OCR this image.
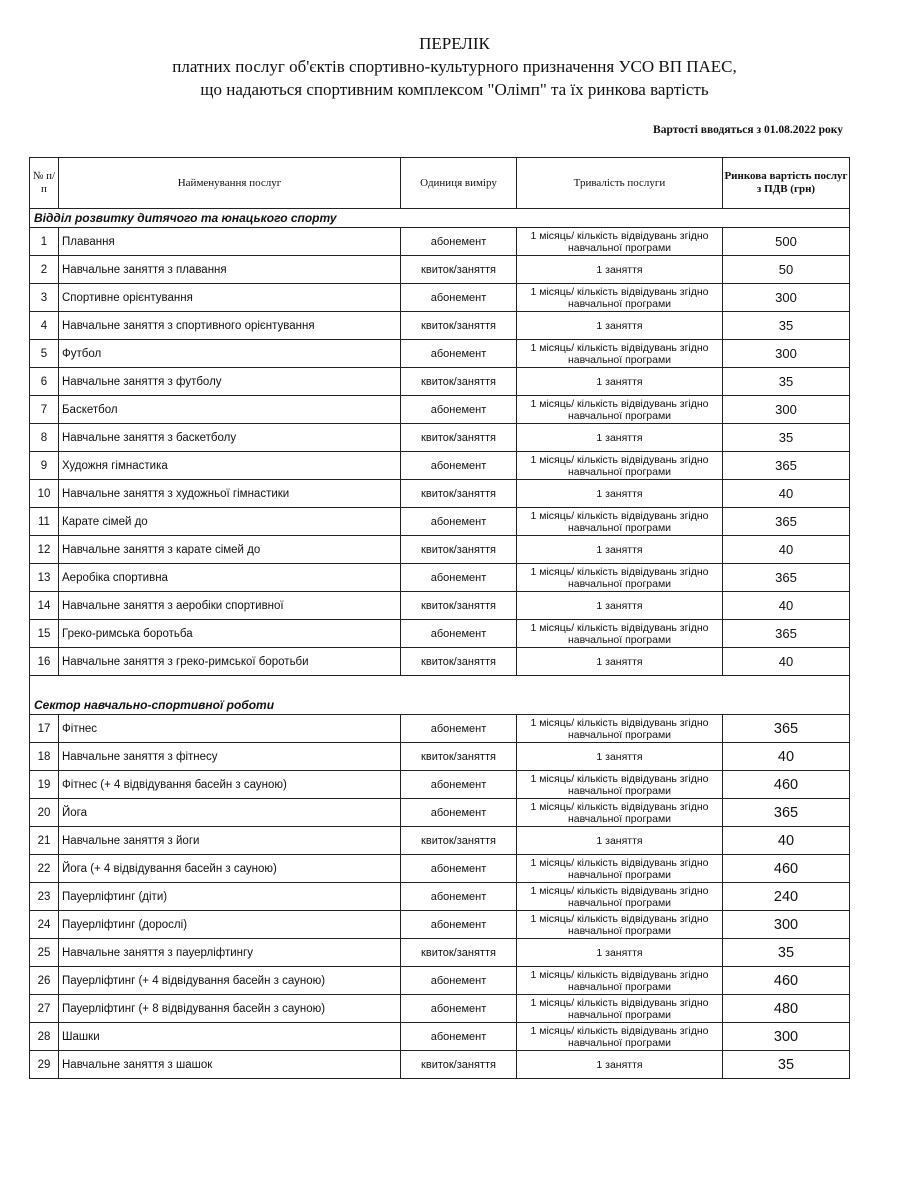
ПЕРЕЛІК
платних послуг об'єктів спортивно-культурного призначення УСО ВП ПАЕС,
що надаються спортивним комплексом "Олімп" та їх ринкова вартість
Вартості вводяться з 01.08.2022 року
№ п/п	Найменування послуг	Одиниця виміру	Тривалість послуги	Ринкова вартість послуг з ПДВ (грн)
Відділ розвитку дитячого та юнацького спорту				
1	Плавання	абонемент	1 місяць/ кількість відвідувань згідно навчальної програми	500
2	Навчальне заняття з плавання	квиток/заняття	1 заняття	50
3	Спортивне орієнтування	абонемент	1 місяць/ кількість відвідувань згідно навчальної програми	300
4	Навчальне заняття з спортивного орієнтування	квиток/заняття	1 заняття	35
5	Футбол	абонемент	1 місяць/ кількість відвідувань згідно навчальної програми	300
6	Навчальне заняття з футболу	квиток/заняття	1 заняття	35
7	Баскетбол	абонемент	1 місяць/ кількість відвідувань згідно навчальної програми	300
8	Навчальне заняття з баскетболу	квиток/заняття	1 заняття	35
9	Художня гімнастика	абонемент	1 місяць/ кількість відвідувань згідно навчальної програми	365
10	Навчальне заняття з художньої гімнастики	квиток/заняття	1 заняття	40
11	Карате сімей до	абонемент	1 місяць/ кількість відвідувань згідно навчальної програми	365
12	Навчальне заняття з карате сімей до	квиток/заняття	1 заняття	40
13	Аеробіка спортивна	абонемент	1 місяць/ кількість відвідувань згідно навчальної програми	365
14	Навчальне заняття з аеробіки спортивної	квиток/заняття	1 заняття	40
15	Греко-римська боротьба	абонемент	1 місяць/ кількість відвідувань згідно навчальної програми	365
16	Навчальне заняття з греко-римської боротьби	квиток/заняття	1 заняття	40
Сектор навчально-спортивної роботи				
17	Фітнес	абонемент	1 місяць/ кількість відвідувань згідно навчальної програми	365
18	Навчальне заняття з фітнесу	квиток/заняття	1 заняття	40
19	Фітнес (+ 4 відвідування басейн з сауною)	абонемент	1 місяць/ кількість відвідувань згідно навчальної програми	460
20	Йога	абонемент	1 місяць/ кількість відвідувань згідно навчальної програми	365
21	Навчальне заняття з йоги	квиток/заняття	1 заняття	40
22	Йога (+ 4 відвідування басейн з сауною)	абонемент	1 місяць/ кількість відвідувань згідно навчальної програми	460
23	Пауерліфтинг (діти)	абонемент	1 місяць/ кількість відвідувань згідно навчальної програми	240
24	Пауерліфтинг (дорослі)	абонемент	1 місяць/ кількість відвідувань згідно навчальної програми	300
25	Навчальне заняття з пауерліфтингу	квиток/заняття	1 заняття	35
26	Пауерліфтинг (+ 4 відвідування басейн з сауною)	абонемент	1 місяць/ кількість відвідувань згідно навчальної програми	460
27	Пауерліфтинг (+ 8 відвідування басейн з сауною)	абонемент	1 місяць/ кількість відвідувань згідно навчальної програми	480
28	Шашки	абонемент	1 місяць/ кількість відвідувань згідно навчальної програми	300
29	Навчальне заняття з шашок	квиток/заняття	1 заняття	35
